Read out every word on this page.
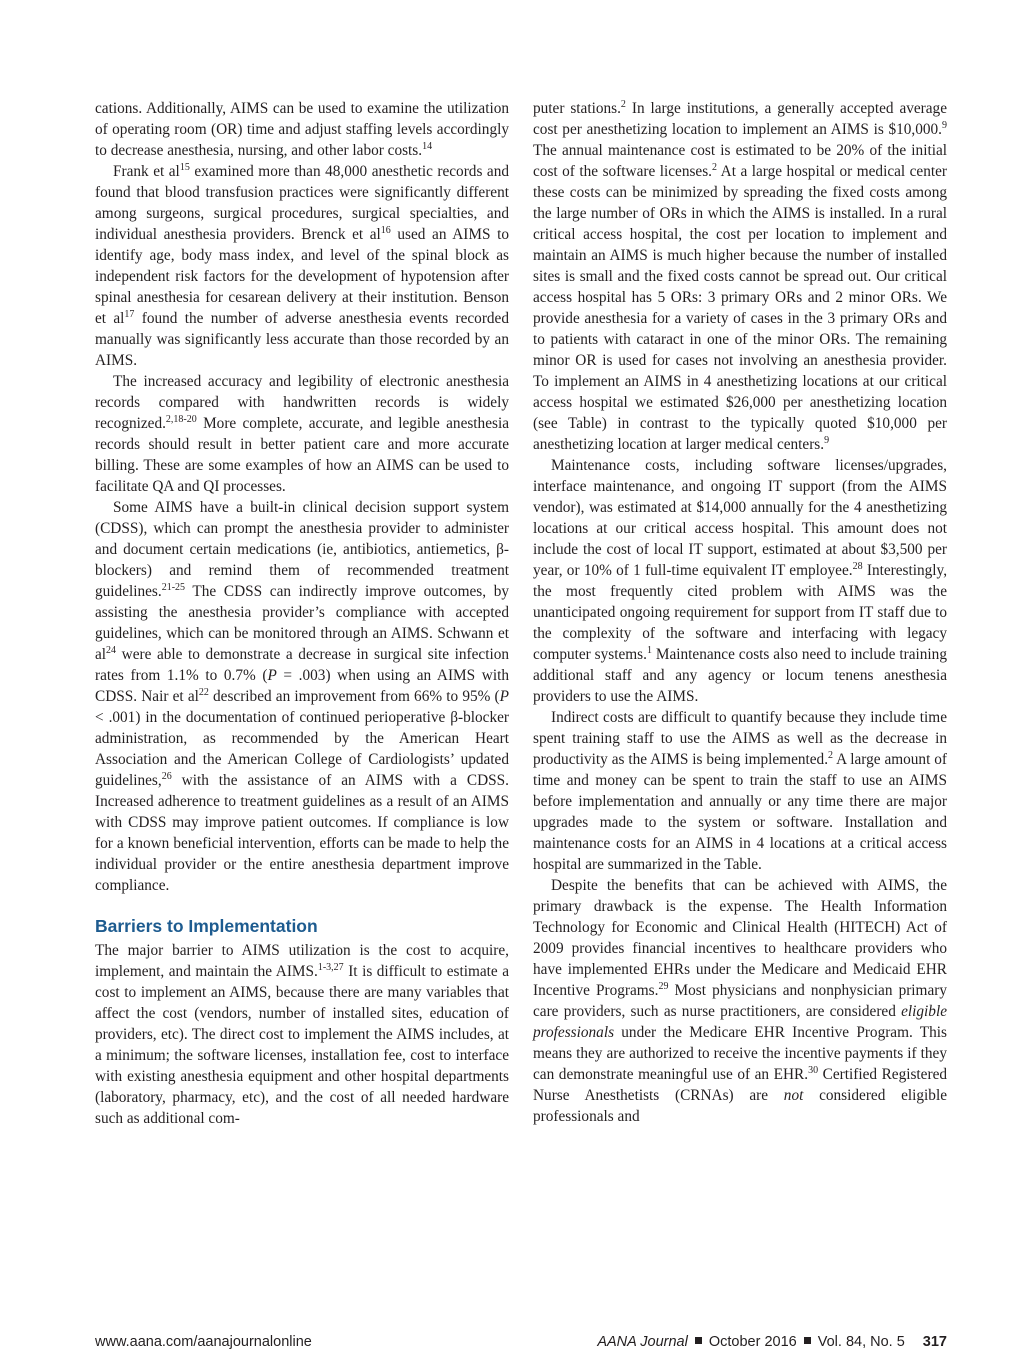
cations. Additionally, AIMS can be used to examine the utilization of operating room (OR) time and adjust staffing levels accordingly to decrease anesthesia, nursing, and other labor costs.$^{14}$

Frank et $al^{15}$ examined more than 48,000 anesthetic records and found that blood transfusion practices were significantly different among surgeons, surgical procedures, surgical specialties, and individual anesthesia providers. Brenck et $al^{16}$ used an AIMS to identify age, body mass index, and level of the spinal block as independent risk factors for the development of hypotension after spinal anesthesia for cesarean delivery at their institution. Benson et $al^{17}$ found the number of adverse anesthesia events recorded manually was significantly less accurate than those recorded by an AIMS.

The increased accuracy and legibility of electronic anesthesia records compared with handwritten records is widely recognized.$^{2,18-20}$ More complete, accurate, and legible anesthesia records should result in better patient care and more accurate billing. These are some examples of how an AIMS can be used to facilitate QA and QI processes.

Some AIMS have a built-in clinical decision support system (CDSS), which can prompt the anesthesia provider to administer and document certain medications (ie, antibiotics, antiemetics, β-blockers) and remind them of recommended treatment guidelines.$^{21-25}$ The CDSS can indirectly improve outcomes, by assisting the anesthesia provider’s compliance with accepted guidelines, which can be monitored through an AIMS. Schwann et $al^{24}$ were able to demonstrate a decrease in surgical site infection rates from 1.1% to 0.7% (P = .003) when using an AIMS with CDSS. Nair et $al^{22}$ described an improvement from 66% to 95% (P < .001) in the documentation of continued perioperative β-blocker administration, as recommended by the American Heart Association and the American College of Cardiologists’ updated guidelines,$^{26}$ with the assistance of an AIMS with a CDSS. Increased adherence to treatment guidelines as a result of an AIMS with CDSS may improve patient outcomes. If compliance is low for a known beneficial intervention, efforts can be made to help the individual provider or the entire anesthesia department improve compliance.

Barriers to Implementation

The major barrier to AIMS utilization is the cost to acquire, implement, and maintain the AIMS.$^{1-3,27}$ It is difficult to estimate a cost to implement an AIMS, because there are many variables that affect the cost (vendors, number of installed sites, education of providers, etc). The direct cost to implement the AIMS includes, at a minimum; the software licenses, installation fee, cost to interface with existing anesthesia equipment and other hospital departments (laboratory, pharmacy, etc), and the cost of all needed hardware such as additional com-

puter stations.$^2$ In large institutions, a generally accepted average cost per anesthetizing location to implement an AIMS is $10,000.$^9$ The annual maintenance cost is estimated to be 20% of the initial cost of the software licenses.$^2$ At a large hospital or medical center these costs can be minimized by spreading the fixed costs among the large number of ORs in which the AIMS is installed. In a rural critical access hospital, the cost per location to implement and maintain an AIMS is much higher because the number of installed sites is small and the fixed costs cannot be spread out. Our critical access hospital has 5 ORs: 3 primary ORs and 2 minor ORs. We provide anesthesia for a variety of cases in the 3 primary ORs and to patients with cataract in one of the minor ORs. The remaining minor OR is used for cases not involving an anesthesia provider. To implement an AIMS in 4 anesthetizing locations at our critical access hospital we estimated $26,000 per anesthetizing location (see Table) in contrast to the typically quoted $10,000 per anesthetizing location at larger medical centers.$^9$

Maintenance costs, including software licenses/upgrades, interface maintenance, and ongoing IT support (from the AIMS vendor), was estimated at $14,000 annually for the 4 anesthetizing locations at our critical access hospital. This amount does not include the cost of local IT support, estimated at about $3,500 per year, or 10% of 1 full-time equivalent IT employee.$^{28}$ Interestingly, the most frequently cited problem with AIMS was the unanticipated ongoing requirement for support from IT staff due to the complexity of the software and interfacing with legacy computer systems.$^1$ Maintenance costs also need to include training additional staff and any agency or locum tenens anesthesia providers to use the AIMS.

Indirect costs are difficult to quantify because they include time spent training staff to use the AIMS as well as the decrease in productivity as the AIMS is being implemented.$^2$ A large amount of time and money can be spent to train the staff to use an AIMS before implementation and annually or any time there are major upgrades made to the system or software. Installation and maintenance costs for an AIMS in 4 locations at a critical access hospital are summarized in the Table.

Despite the benefits that can be achieved with AIMS, the primary drawback is the expense. The Health Information Technology for Economic and Clinical Health (HITECH) Act of 2009 provides financial incentives to healthcare providers who have implemented EHRs under the Medicare and Medicaid EHR Incentive Programs.$^{29}$ Most physicians and nonphysician primary care providers, such as nurse practitioners, are considered eligible professionals under the Medicare EHR Incentive Program. This means they are authorized to receive the incentive payments if they can demonstrate meaningful use of an EHR.$^{30}$ Certified Registered Nurse Anesthetists (CRNAs) are not considered eligible professionals and

www.aana.com/aanajournalonline	AANA Journal October 2016 Vol. 84, No. 5 317
